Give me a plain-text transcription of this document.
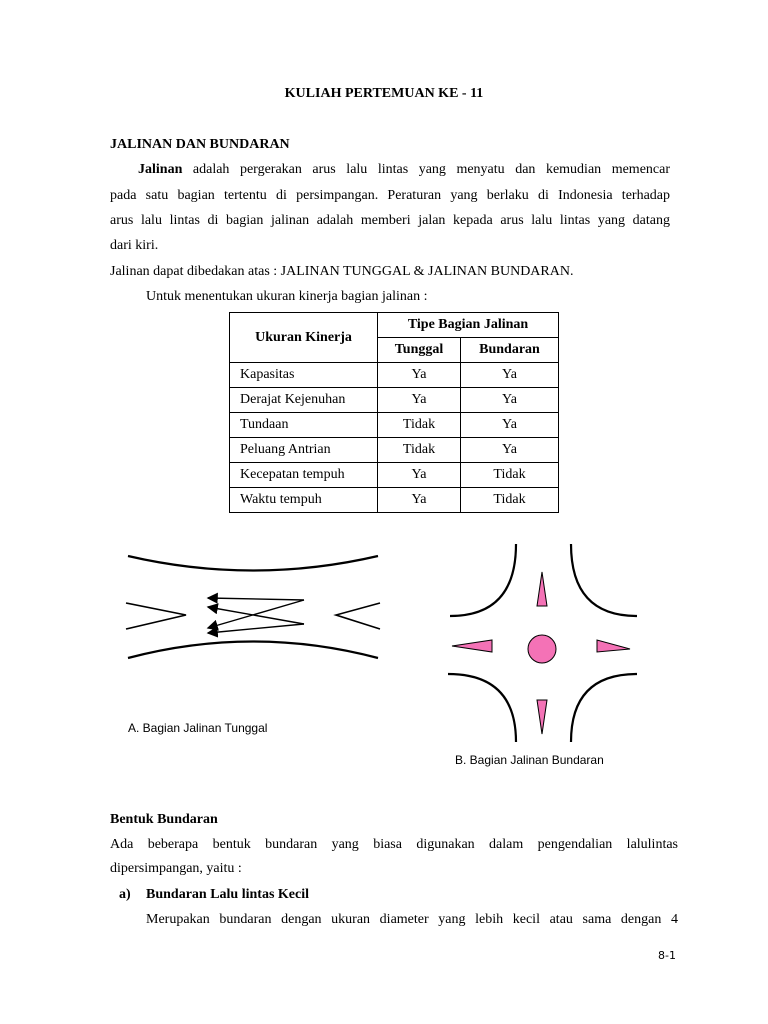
KULIAH PERTEMUAN KE - 11
JALINAN DAN BUNDARAN
Jalinan adalah pergerakan arus lalu lintas yang menyatu dan kemudian memencar
pada satu bagian tertentu di persimpangan. Peraturan yang berlaku di Indonesia terhadap
arus lalu lintas di bagian jalinan adalah memberi jalan kepada arus lalu lintas yang datang
dari kiri.
Jalinan dapat dibedakan atas : JALINAN TUNGGAL & JALINAN BUNDARAN.
Untuk menentukan ukuran kinerja bagian jalinan :
Ukuran Kinerja	Tipe Bagian Jalinan	
	Tunggal	Bundaran
Kapasitas	Ya	Ya
Derajat Kejenuhan	Ya	Ya
Tundaan	Tidak	Ya
Peluang Antrian	Tidak	Ya
Kecepatan tempuh	Ya	Tidak
Waktu tempuh	Ya	Tidak
A. Bagian Jalinan Tunggal
B. Bagian Jalinan Bundaran
Bentuk Bundaran
Ada beberapa bentuk bundaran yang biasa digunakan dalam pengendalian lalulintas
dipersimpangan, yaitu :
a) Bundaran Lalu lintas Kecil
Merupakan bundaran dengan ukuran diameter yang lebih kecil atau sama dengan 4
8-1
